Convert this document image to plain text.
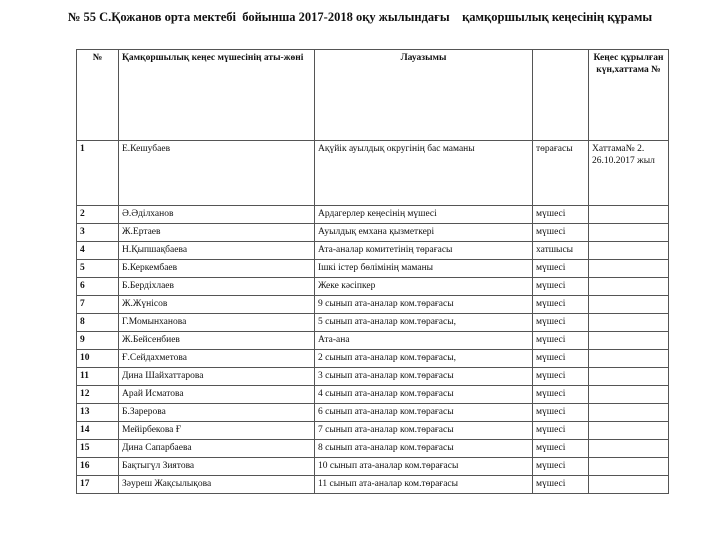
№ 55 С.Қожанов орта мектебі  бойынша 2017-2018 оқу жылындағы    қамқоршылық кеңесінің құрамы
№	Қамқоршылық кеңес мүшесінің аты-жөні	Лауазымы		Кеңес құрылған күн,хаттама №
1	Е.Кешубаев	Ақүйік ауылдық округінің бас маманы	төрағасы	Хаттама№ 2. 26.10.2017 жыл
2	Ә.Әділханов	Ардагерлер кеңесінің мүшесі	мүшесі	
3	Ж.Ертаев	Ауылдық емхана қызметкері	мүшесі	
4	Н.Қыпшақбаева	Ата-аналар комитетінің төрағасы	хатшысы	
5	Б.Керкембаев	Ішкі істер бөлімінің маманы	мүшесі	
6	Б.Бердіхлаев	Жеке кәсіпкер	мүшесі	
7	Ж.Жүнісов	9 сынып ата-аналар ком.төрағасы	мүшесі	
8	Г.Момынханова	5 сынып ата-аналар ком.төрағасы,	мүшесі	
9	Ж.Бейсенбиев	Ата-ана	мүшесі	
10	Ғ.Сейдахметова	2 сынып ата-аналар ком.төрағасы,	мүшесі	
11	Дина Шайхаттарова	3 сынып ата-аналар ком.төрағасы	мүшесі	
12	Арай Исматова	4 сынып ата-аналар ком.төрағасы	мүшесі	
13	Б.Зарерова	6 сынып ата-аналар ком.төрағасы	мүшесі	
14	Мейірбекова Ғ	7 сынып ата-аналар ком.төрағасы	мүшесі	
15	Дина Сапарбаева	8 сынып ата-аналар ком.төрағасы	мүшесі	
16	Бақтыгүл Зиятова	10 сынып ата-аналар ком.төрағасы	мүшесі	
17	Зәуреш Жақсылықова	11 сынып ата-аналар ком.төрағасы	мүшесі	
